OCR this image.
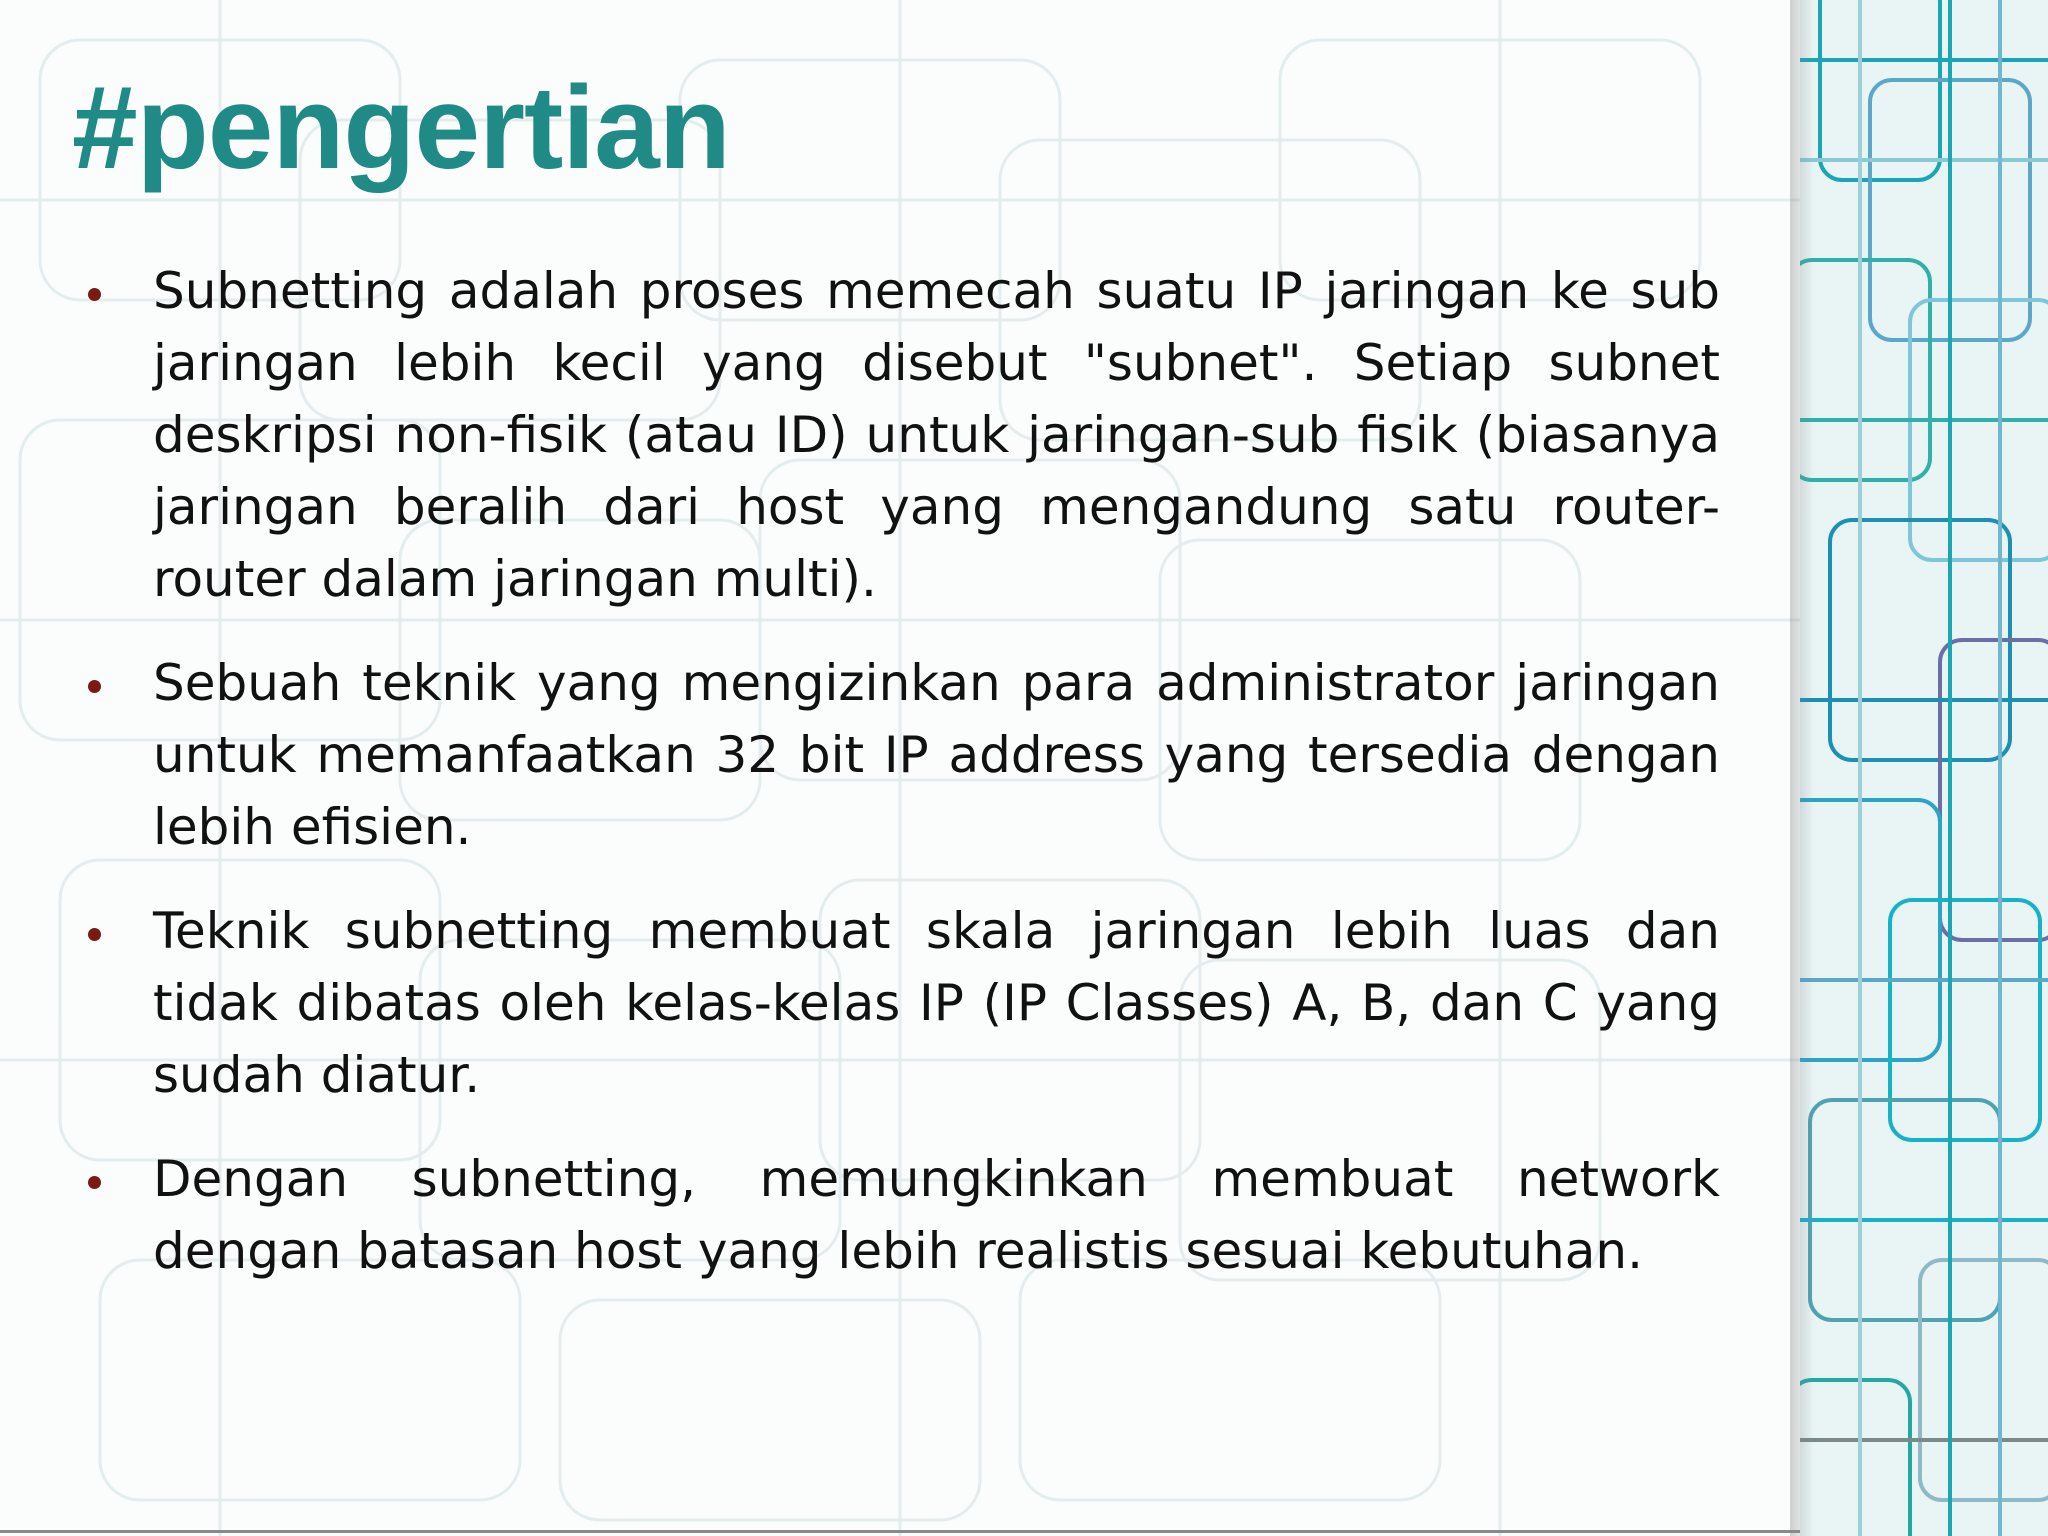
#pengertian
Subnetting adalah proses memecah suatu IP jaringan ke sub jaringan lebih kecil yang disebut "subnet". Setiap subnet deskripsi non-fisik (atau ID) untuk jaringan-sub fisik (biasanya jaringan beralih dari host yang mengandung satu router-router dalam jaringan multi).
Sebuah teknik yang mengizinkan para administrator jaringan untuk memanfaatkan 32 bit IP address yang tersedia dengan lebih efisien.
Teknik subnetting membuat skala jaringan lebih luas dan tidak dibatas oleh kelas-kelas IP (IP Classes) A, B, dan C yang sudah diatur.
Dengan subnetting, memungkinkan membuat network dengan batasan host yang lebih realistis sesuai kebutuhan.
